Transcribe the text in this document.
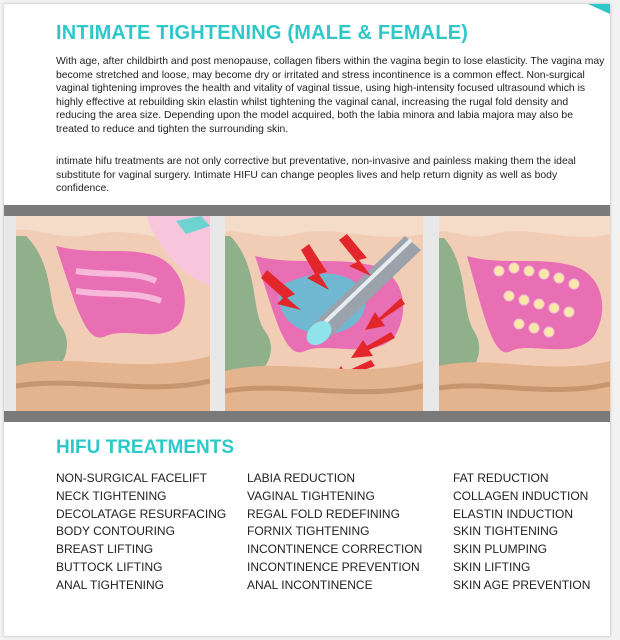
INTIMATE TIGHTENING (MALE & FEMALE)

With age, after childbirth and post menopause, collagen fibers within the vagina begin to lose elasticity. The vagina may become stretched and loose, may become dry or irritated and stress incontinence is a common effect. Non-surgical vaginal tightening improves the health and vitality of vaginal tissue, using high-intensity focused ultrasound which is highly effective at rebuilding skin elastin whilst tightening the vaginal canal, increasing the rugal fold density and reducing the area size. Depending upon the model acquired, both the labia minora and labia majora may also be treated to reduce and tighten the surrounding skin.

intimate hifu treatments are not only corrective but preventative, non-invasive and painless making them the ideal substitute for vaginal surgery. Intimate HIFU can change peoples lives and help return dignity as well as body confidence.

HIFU TREATMENTS
NON-SURGICAL FACELIFT
NECK TIGHTENING
DECOLATAGE RESURFACING
BODY CONTOURING
BREAST LIFTING
BUTTOCK LIFTING
ANAL TIGHTENING
LABIA REDUCTION
VAGINAL TIGHTENING
REGAL FOLD REDEFINING
FORNIX TIGHTENING
INCONTINENCE CORRECTION
INCONTINENCE PREVENTION
ANAL INCONTINENCE
FAT REDUCTION
COLLAGEN INDUCTION
ELASTIN INDUCTION
SKIN TIGHTENING
SKIN PLUMPING
SKIN LIFTING
SKIN AGE PREVENTION
